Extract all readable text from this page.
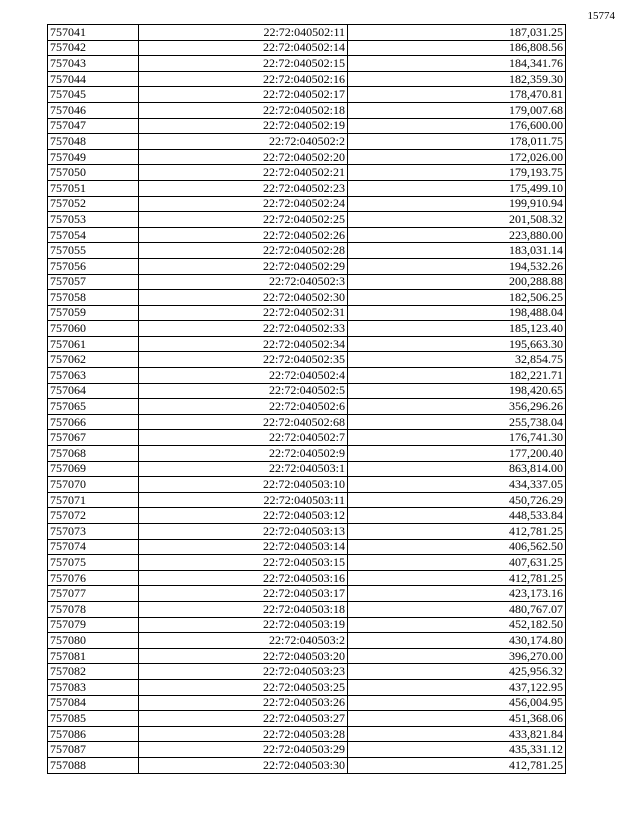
15774
757041	22:72:040502:11	187,031.25
757042	22:72:040502:14	186,808.56
757043	22:72:040502:15	184,341.76
757044	22:72:040502:16	182,359.30
757045	22:72:040502:17	178,470.81
757046	22:72:040502:18	179,007.68
757047	22:72:040502:19	176,600.00
757048	22:72:040502:2	178,011.75
757049	22:72:040502:20	172,026.00
757050	22:72:040502:21	179,193.75
757051	22:72:040502:23	175,499.10
757052	22:72:040502:24	199,910.94
757053	22:72:040502:25	201,508.32
757054	22:72:040502:26	223,880.00
757055	22:72:040502:28	183,031.14
757056	22:72:040502:29	194,532.26
757057	22:72:040502:3	200,288.88
757058	22:72:040502:30	182,506.25
757059	22:72:040502:31	198,488.04
757060	22:72:040502:33	185,123.40
757061	22:72:040502:34	195,663.30
757062	22:72:040502:35	32,854.75
757063	22:72:040502:4	182,221.71
757064	22:72:040502:5	198,420.65
757065	22:72:040502:6	356,296.26
757066	22:72:040502:68	255,738.04
757067	22:72:040502:7	176,741.30
757068	22:72:040502:9	177,200.40
757069	22:72:040503:1	863,814.00
757070	22:72:040503:10	434,337.05
757071	22:72:040503:11	450,726.29
757072	22:72:040503:12	448,533.84
757073	22:72:040503:13	412,781.25
757074	22:72:040503:14	406,562.50
757075	22:72:040503:15	407,631.25
757076	22:72:040503:16	412,781.25
757077	22:72:040503:17	423,173.16
757078	22:72:040503:18	480,767.07
757079	22:72:040503:19	452,182.50
757080	22:72:040503:2	430,174.80
757081	22:72:040503:20	396,270.00
757082	22:72:040503:23	425,956.32
757083	22:72:040503:25	437,122.95
757084	22:72:040503:26	456,004.95
757085	22:72:040503:27	451,368.06
757086	22:72:040503:28	433,821.84
757087	22:72:040503:29	435,331.12
757088	22:72:040503:30	412,781.25
